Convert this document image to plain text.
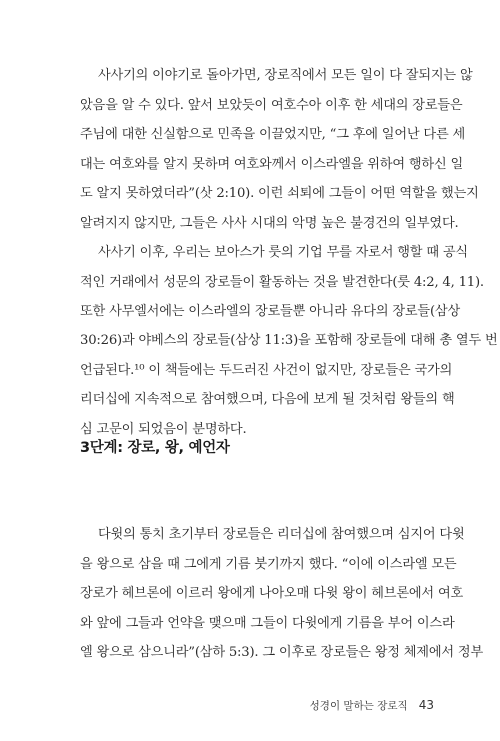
사사기의 이야기로 돌아가면, 장로직에서 모든 일이 다 잘되지는 않
았음을 알 수 있다. 앞서 보았듯이 여호수아 이후 한 세대의 장로들은
주님에 대한 신실함으로 민족을 이끌었지만, “그 후에 일어난 다른 세
대는 여호와를 알지 못하며 여호와께서 이스라엘을 위하여 행하신 일
도 알지 못하였더라”(삿 2:10). 이런 쇠퇴에 그들이 어떤 역할을 했는지
알려지지 않지만, 그들은 사사 시대의 악명 높은 불경건의 일부였다.
사사기 이후, 우리는 보아스가 룻의 기업 무를 자로서 행할 때 공식
적인 거래에서 성문의 장로들이 활동하는 것을 발견한다(룻 4:2, 4, 11).
또한 사무엘서에는 이스라엘의 장로들뿐 아니라 유다의 장로들(삼상
30:26)과 야베스의 장로들(삼상 11:3)을 포함해 장로들에 대해 총 열두 번
언급된다.¹⁰ 이 책들에는 두드러진 사건이 없지만, 장로들은 국가의
리더십에 지속적으로 참여했으며, 다음에 보게 될 것처럼 왕들의 핵
심 고문이 되었음이 분명하다.
3단계: 장로, 왕, 예언자
다윗의 통치 초기부터 장로들은 리더십에 참여했으며 심지어 다윗
을 왕으로 삼을 때 그에게 기름 붓기까지 했다. “이에 이스라엘 모든
장로가 헤브론에 이르러 왕에게 나아오매 다윗 왕이 헤브론에서 여호
와 앞에 그들과 언약을 맺으매 그들이 다윗에게 기름을 부어 이스라
엘 왕으로 삼으니라”(삼하 5:3). 그 이후로 장로들은 왕정 체제에서 정부
성경이 말하는 장로직 43
